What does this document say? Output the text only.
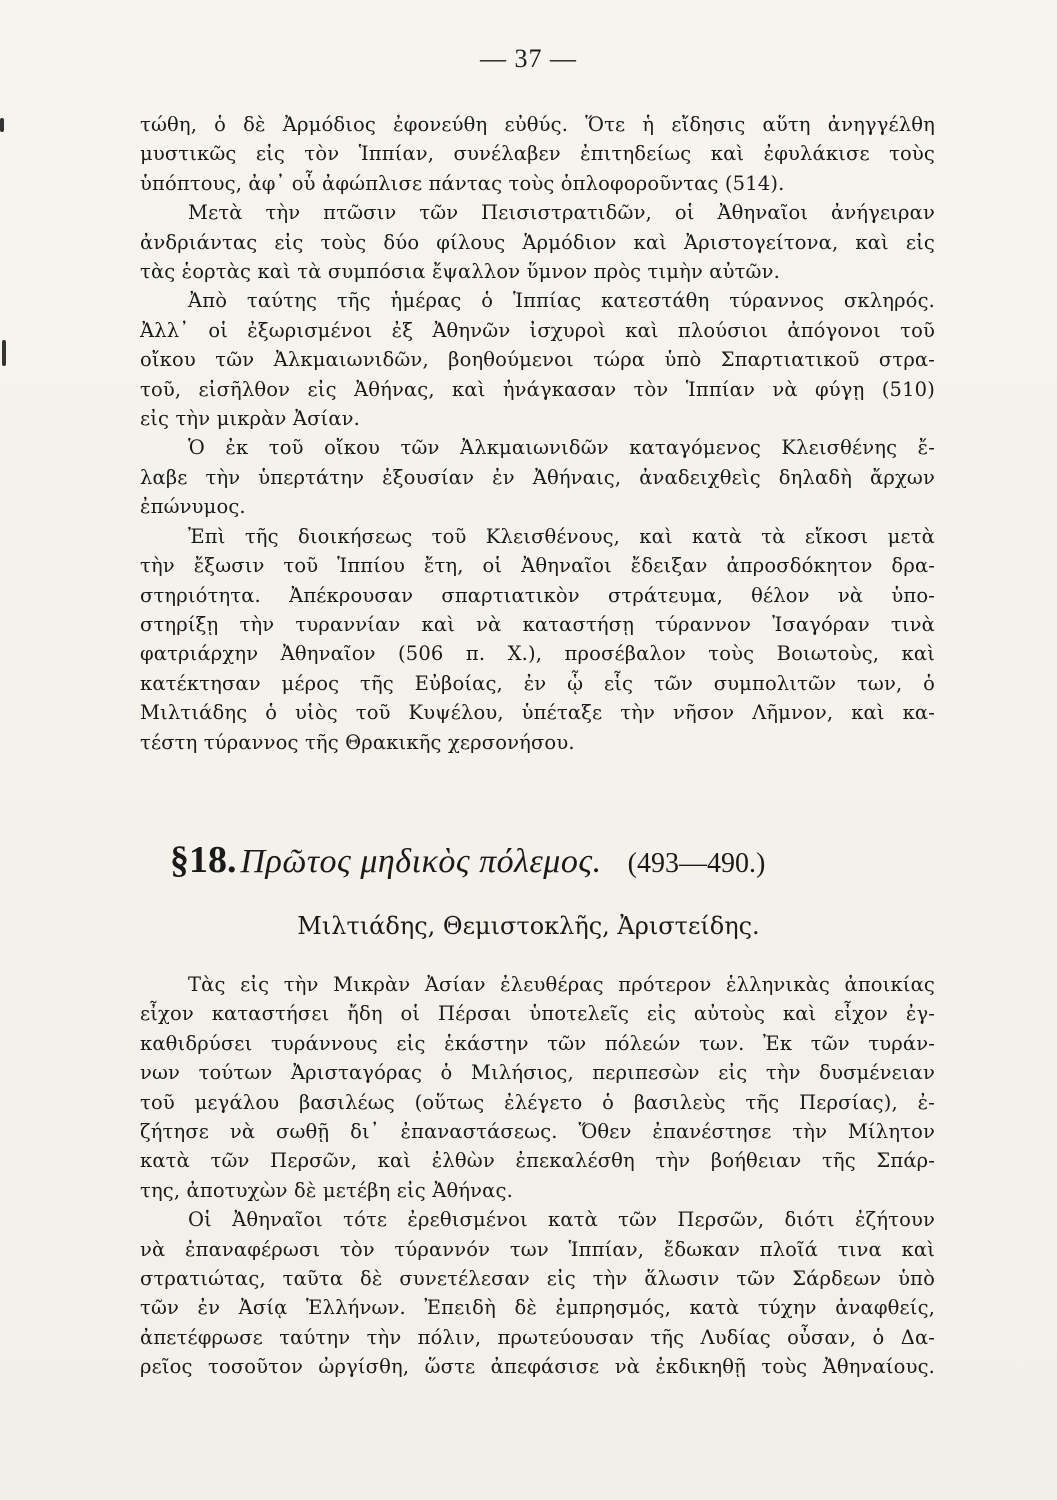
— 37 —
τώθη, ὁ δὲ Ἀρμόδιος ἐφονεύθη εὐθύς. Ὅτε ἡ εἴδησις αὕτη ἀνηγγέλθη
μυστικῶς εἰς τὸν Ἱππίαν, συνέλαβεν ἐπιτηδείως καὶ ἐφυλάκισε τοὺς
ὑπόπτους, ἀφ᾽ οὗ ἀφώπλισε πάντας τοὺς ὁπλοφοροῦντας (514).
Μετὰ τὴν πτῶσιν τῶν Πεισιστρατιδῶν, οἱ Ἀθηναῖοι ἀνήγειραν
ἀνδριάντας εἰς τοὺς δύο φίλους Ἁρμόδιον καὶ Ἀριστογείτονα, καὶ εἰς
τὰς ἑορτὰς καὶ τὰ συμπόσια ἔψαλλον ὕμνον πρὸς τιμὴν αὐτῶν.
Ἀπὸ ταύτης τῆς ἡμέρας ὁ Ἱππίας κατεστάθη τύραννος σκληρός.
Ἀλλ᾽ οἱ ἐξωρισμένοι ἐξ Ἀθηνῶν ἰσχυροὶ καὶ πλούσιοι ἀπόγονοι τοῦ
οἴκου τῶν Ἀλκμαιωνιδῶν, βοηθούμενοι τώρα ὑπὸ Σπαρτιατικοῦ στρα-
τοῦ, εἰσῆλθον εἰς Ἀθήνας, καὶ ἠνάγκασαν τὸν Ἱππίαν νὰ φύγῃ (510)
εἰς τὴν μικρὰν Ἀσίαν.
Ὁ ἐκ τοῦ οἴκου τῶν Ἀλκμαιωνιδῶν καταγόμενος Κλεισθένης ἔ-
λαβε τὴν ὑπερτάτην ἐξουσίαν ἐν Ἀθήναις, ἀναδειχθεὶς δηλαδὴ ἄρχων
ἐπώνυμος.
Ἐπὶ τῆς διοικήσεως τοῦ Κλεισθένους, καὶ κατὰ τὰ εἴκοσι μετὰ
τὴν ἔξωσιν τοῦ Ἱππίου ἔτη, οἱ Ἀθηναῖοι ἔδειξαν ἀπροσδόκητον δρα-
στηριότητα. Ἀπέκρουσαν σπαρτιατικὸν στράτευμα, θέλον νὰ ὑπο-
στηρίξῃ τὴν τυραννίαν καὶ νὰ καταστήσῃ τύραννον Ἰσαγόραν τινὰ
φατριάρχην Ἀθηναῖον (506 π. Χ.), προσέβαλον τοὺς Βοιωτοὺς, καὶ
κατέκτησαν μέρος τῆς Εὐβοίας, ἐν ᾧ εἷς τῶν συμπολιτῶν των, ὁ
Μιλτιάδης ὁ υἱὸς τοῦ Κυψέλου, ὑπέταξε τὴν νῆσον Λῆμνον, καὶ κα-
τέστη τύραννος τῆς Θρακικῆς χερσονήσου.
§18. Πρῶτος μηδικὸς πόλεμος. (493—490.)
Μιλτιάδης, Θεμιστοκλῆς, Ἀριστείδης.
Τὰς εἰς τὴν Μικρὰν Ἀσίαν ἐλευθέρας πρότερον ἑλληνικὰς ἀποικίας
εἶχον καταστήσει ἤδη οἱ Πέρσαι ὑποτελεῖς εἰς αὐτοὺς καὶ εἶχον ἐγ-
καθιδρύσει τυράννους εἰς ἑκάστην τῶν πόλεών των. Ἐκ τῶν τυράν-
νων τούτων Ἀρισταγόρας ὁ Μιλήσιος, περιπεσὼν εἰς τὴν δυσμένειαν
τοῦ μεγάλου βασιλέως (οὕτως ἐλέγετο ὁ βασιλεὺς τῆς Περσίας), ἐ-
ζήτησε νὰ σωθῇ δι᾽ ἐπαναστάσεως. Ὅθεν ἐπανέστησε τὴν Μίλητον
κατὰ τῶν Περσῶν, καὶ ἐλθὼν ἐπεκαλέσθη τὴν βοήθειαν τῆς Σπάρ-
της, ἀποτυχὼν δὲ μετέβη εἰς Ἀθήνας.
Οἱ Ἀθηναῖοι τότε ἐρεθισμένοι κατὰ τῶν Περσῶν, διότι ἐζήτουν
νὰ ἐπαναφέρωσι τὸν τύραννόν των Ἱππίαν, ἔδωκαν πλοῖά τινα καὶ
στρατιώτας, ταῦτα δὲ συνετέλεσαν εἰς τὴν ἅλωσιν τῶν Σάρδεων ὑπὸ
τῶν ἐν Ἀσίᾳ Ἑλλήνων. Ἐπειδὴ δὲ ἐμπρησμός, κατὰ τύχην ἀναφθείς,
ἀπετέφρωσε ταύτην τὴν πόλιν, πρωτεύουσαν τῆς Λυδίας οὖσαν, ὁ Δα-
ρεῖος τοσοῦτον ὠργίσθη, ὥστε ἀπεφάσισε νὰ ἐκδικηθῇ τοὺς Ἀθηναίους.
